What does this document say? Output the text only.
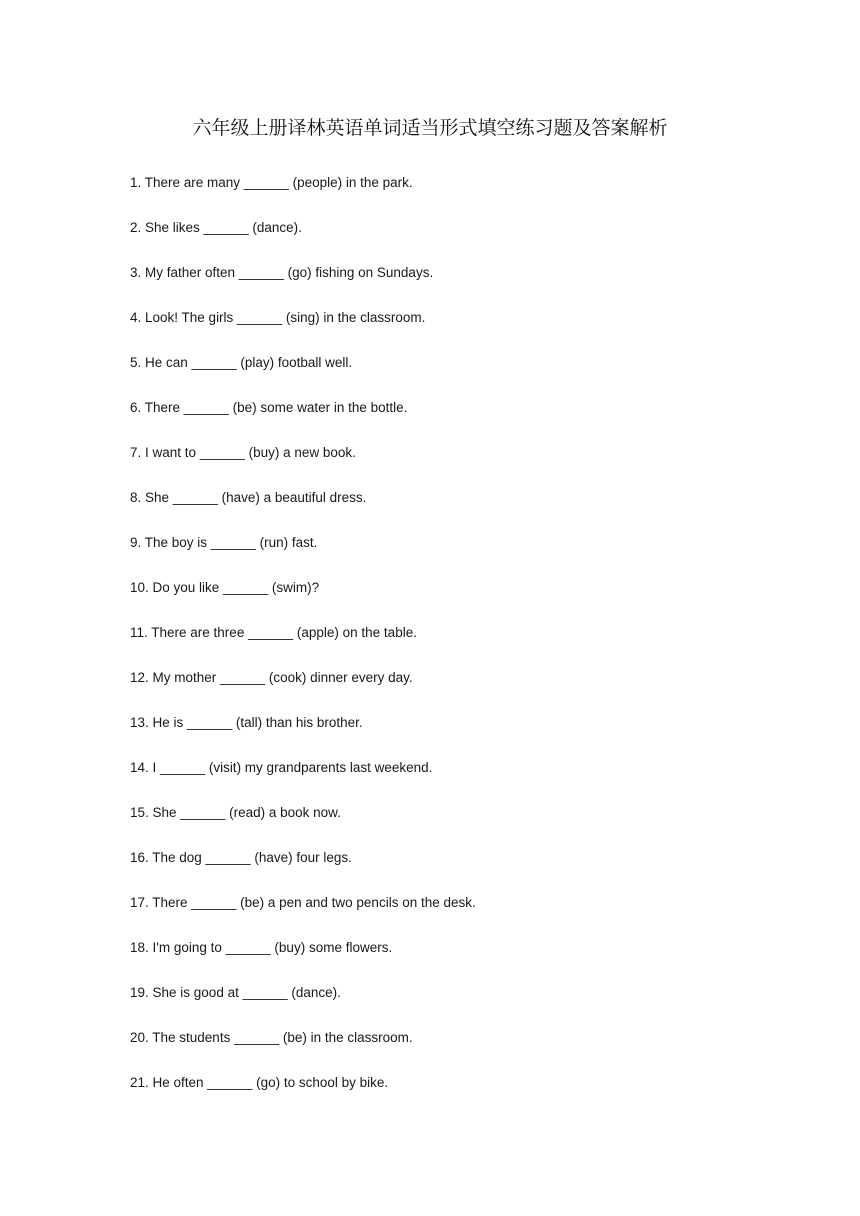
六年级上册译林英语单词适当形式填空练习题及答案解析
1. There are many ______ (people) in the park.
2. She likes ______ (dance).
3. My father often ______ (go) fishing on Sundays.
4. Look! The girls ______ (sing) in the classroom.
5. He can ______ (play) football well.
6. There ______ (be) some water in the bottle.
7. I want to ______ (buy) a new book.
8. She ______ (have) a beautiful dress.
9. The boy is ______ (run) fast.
10. Do you like ______ (swim)?
11. There are three ______ (apple) on the table.
12. My mother ______ (cook) dinner every day.
13. He is ______ (tall) than his brother.
14. I ______ (visit) my grandparents last weekend.
15. She ______ (read) a book now.
16. The dog ______ (have) four legs.
17. There ______ (be) a pen and two pencils on the desk.
18. I'm going to ______ (buy) some flowers.
19. She is good at ______ (dance).
20. The students ______ (be) in the classroom.
21. He often ______ (go) to school by bike.
